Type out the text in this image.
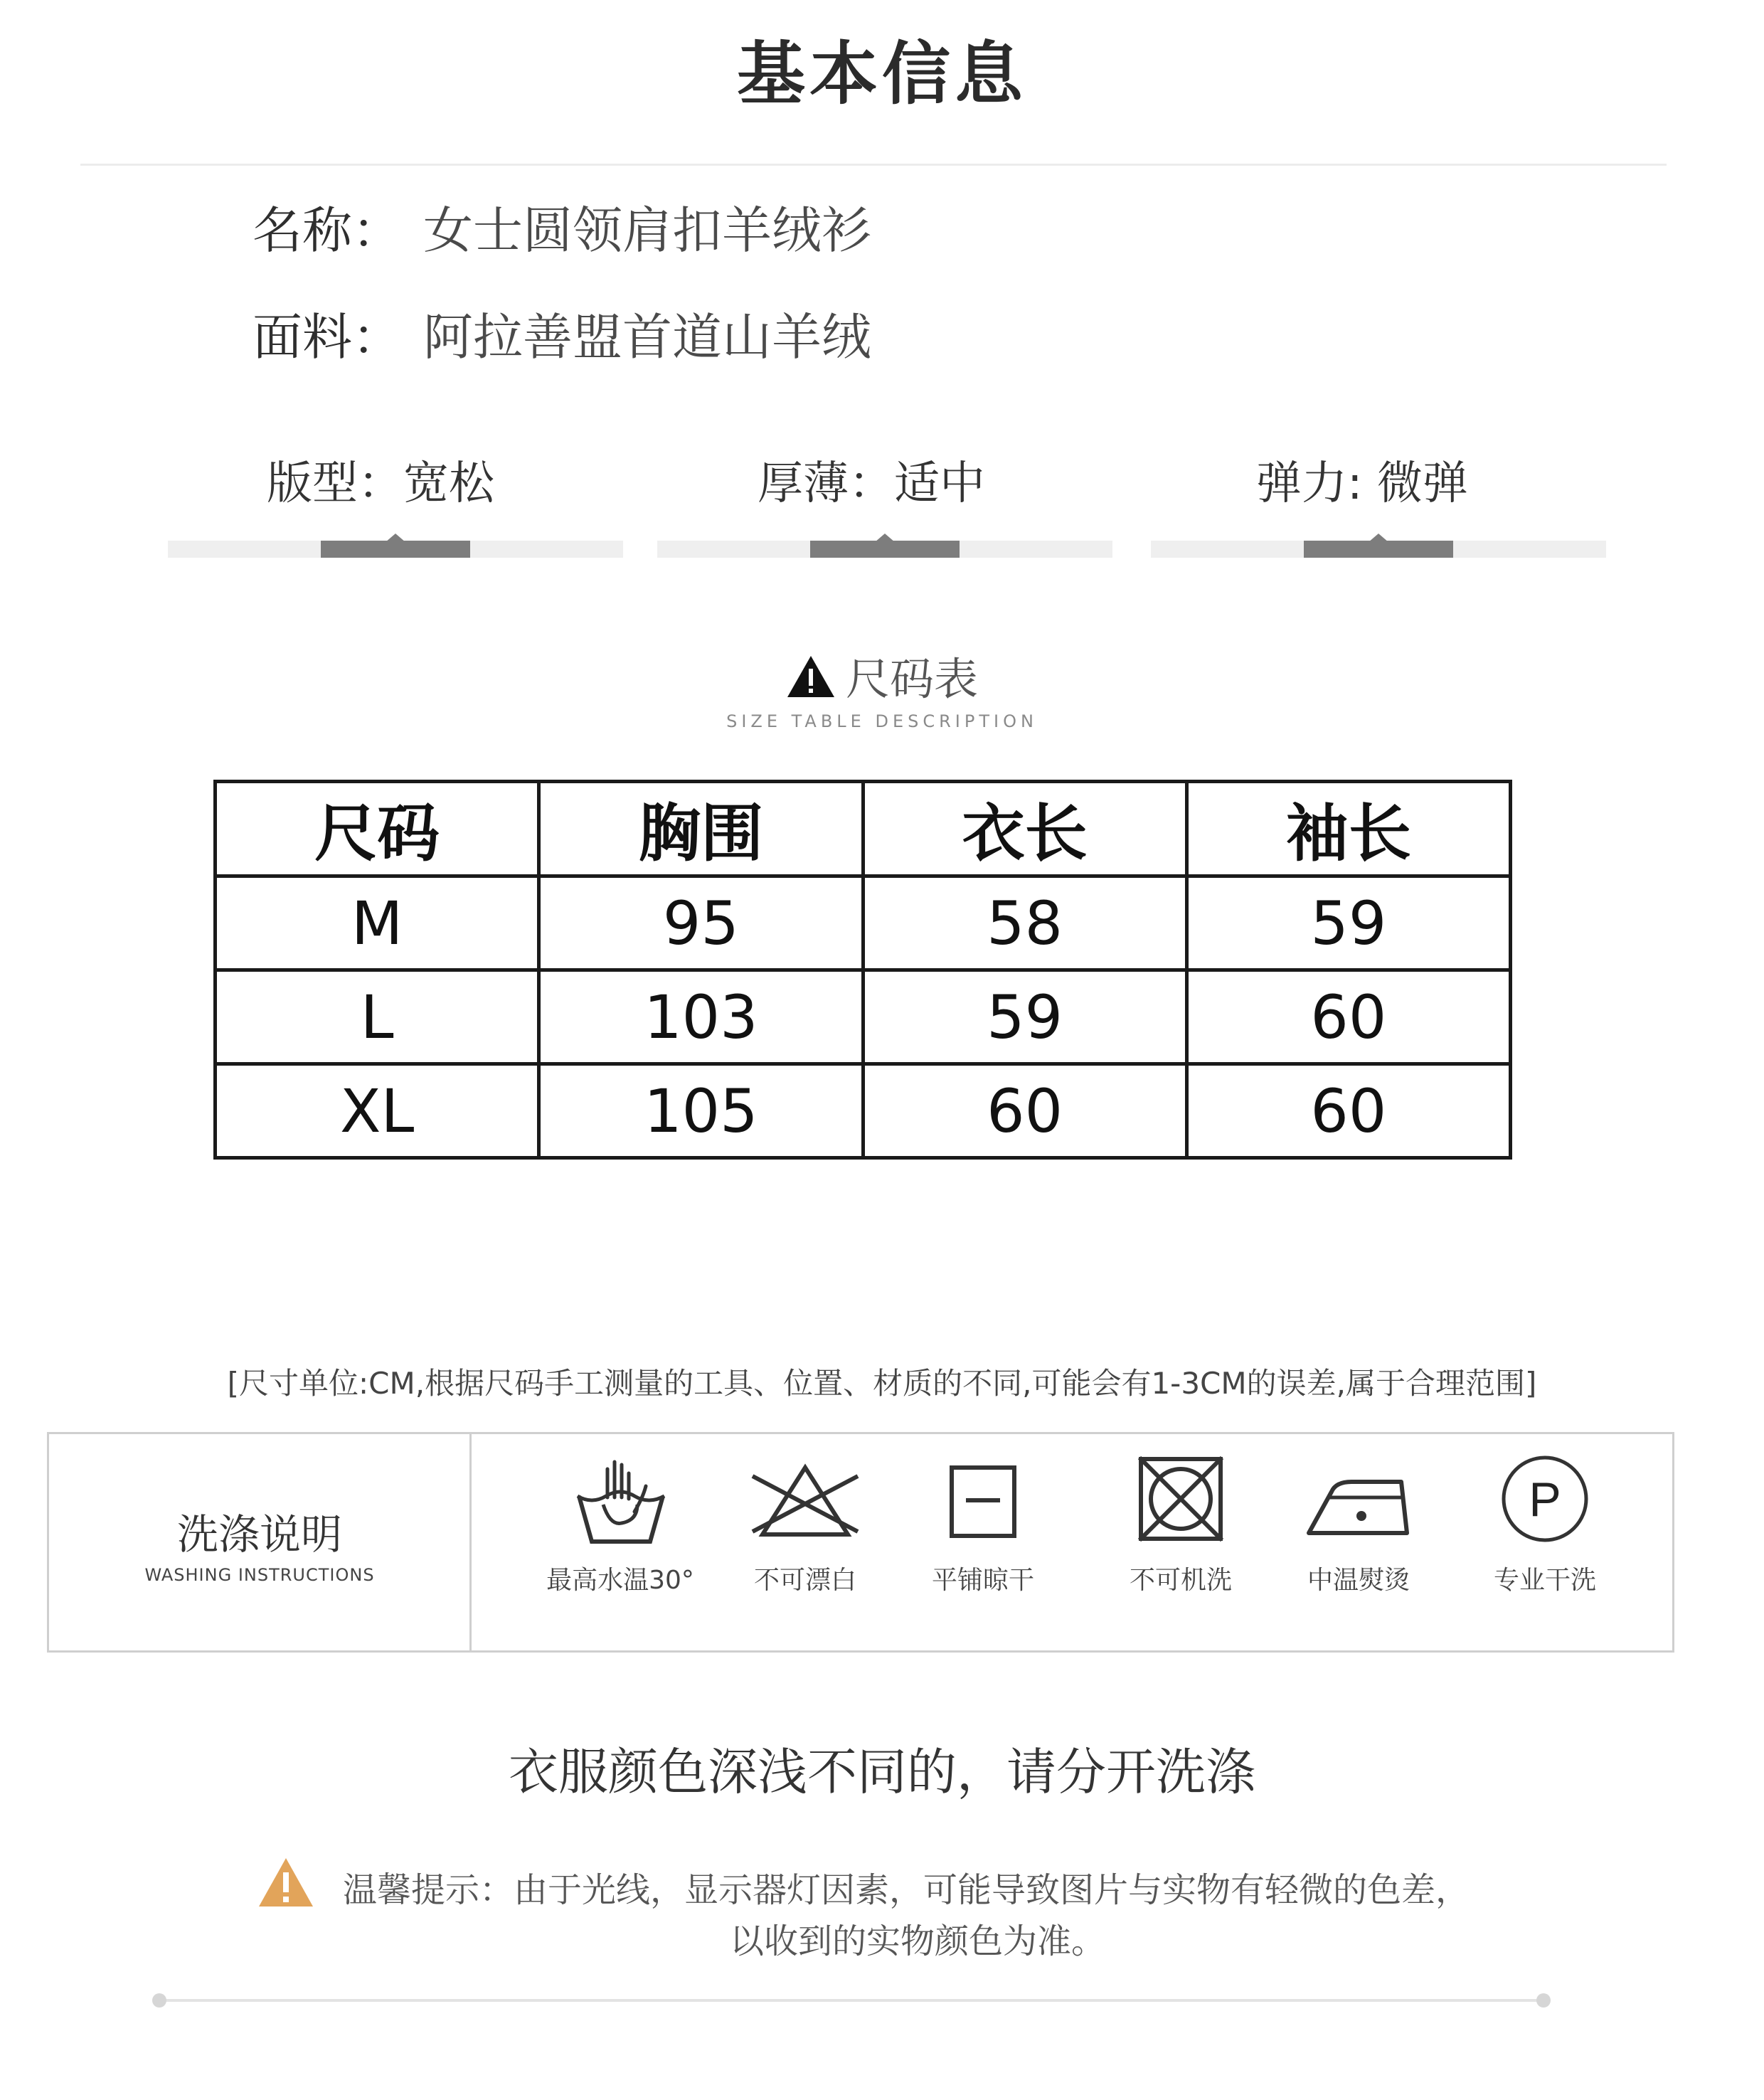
基本信息
名称： 女士圆领肩扣羊绒衫
面料： 阿拉善盟首道山羊绒
版型：宽松	厚薄：适中	弹力: 微弹
尺码表
SIZE TABLE DESCRIPTION
尺码	胸围	衣长	袖长
M	95	58	59
L	103	59	60
XL	105	60	60
[尺寸单位:CM,根据尺码手工测量的工具、位置、材质的不同,可能会有1-3CM的误差,属于合理范围]
洗涤说明
WASHING INSTRUCTIONS	最高水温30°	不可漂白	平铺晾干	不可机洗	中温熨烫
P
专业干洗
衣服颜色深浅不同的，请分开洗涤
温馨提示：由于光线，显示器灯因素，可能导致图片与实物有轻微的色差，
以收到的实物颜色为准。
